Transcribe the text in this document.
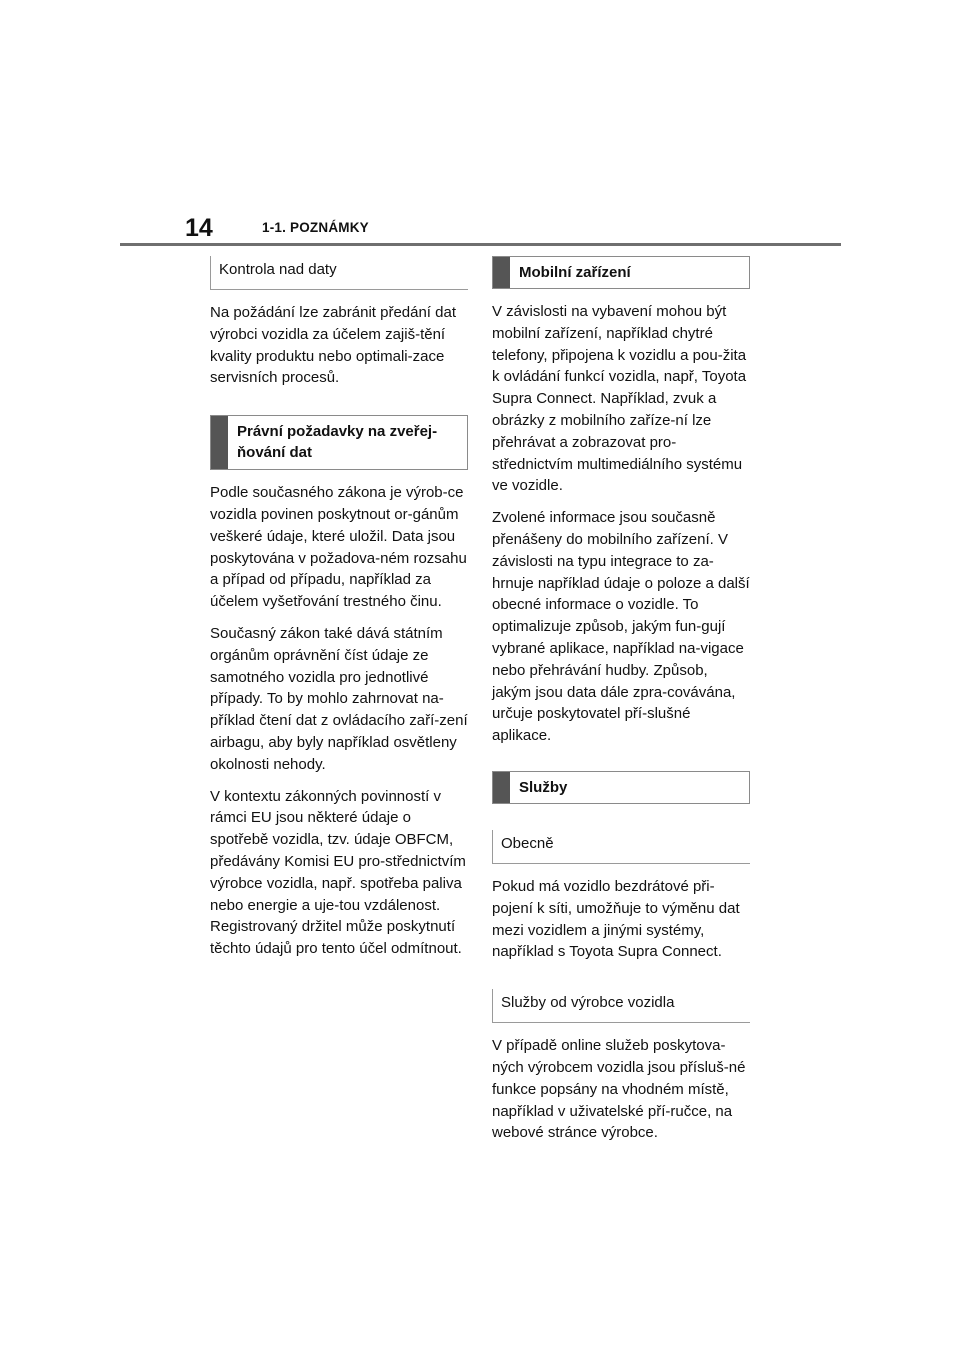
14	1-1. POZNÁMKY
Kontrola nad daty

Na požádání lze zabránit předání dat výrobci vozidla za účelem zajiš-tění kvality produktu nebo optimali-zace servisních procesů.

Právní požadavky na zveřej-ňování dat

Podle současného zákona je výrob-ce vozidla povinen poskytnout or-gánům veškeré údaje, které uložil. Data jsou poskytována v požadova-ném rozsahu a případ od případu, například za účelem vyšetřování trestného činu.

Současný zákon také dává státním orgánům oprávnění číst údaje ze samotného vozidla pro jednotlivé případy. To by mohlo zahrnovat na-příklad čtení dat z ovládacího zaří-zení airbagu, aby byly například osvětleny okolnosti nehody.

V kontextu zákonných povinností v rámci EU jsou některé údaje o spotřebě vozidla, tzv. údaje OBFCM, předávány Komisi EU pro-střednictvím výrobce vozidla, např. spotřeba paliva nebo energie a uje-tou vzdálenost. Registrovaný držitel může poskytnutí těchto údajů pro tento účel odmítnout.

Mobilní zařízení

V závislosti na vybavení mohou být mobilní zařízení, například chytré telefony, připojena k vozidlu a pou-žita k ovládání funkcí vozidla, např, Toyota Supra Connect. Například, zvuk a obrázky z mobilního zaříze-ní lze přehrávat a zobrazovat pro-střednictvím multimediálního systému ve vozidle.

Zvolené informace jsou současně přenášeny do mobilního zařízení. V závislosti na typu integrace to za-hrnuje například údaje o poloze a další obecné informace o vozidle. To optimalizuje způsob, jakým fun-gují vybrané aplikace, například na-vigace nebo přehrávání hudby. Způsob, jakým jsou data dále zpra-covávána, určuje poskytovatel pří-slušné aplikace.

Služby
Obecně

Pokud má vozidlo bezdrátové při-pojení k síti, umožňuje to výměnu dat mezi vozidlem a jinými systémy, například s Toyota Supra Connect.

Služby od výrobce vozidla

V případě online služeb poskytova-ných výrobcem vozidla jsou přísluš-né funkce popsány na vhodném místě, například v uživatelské pří-ručce, na webové stránce výrobce.
